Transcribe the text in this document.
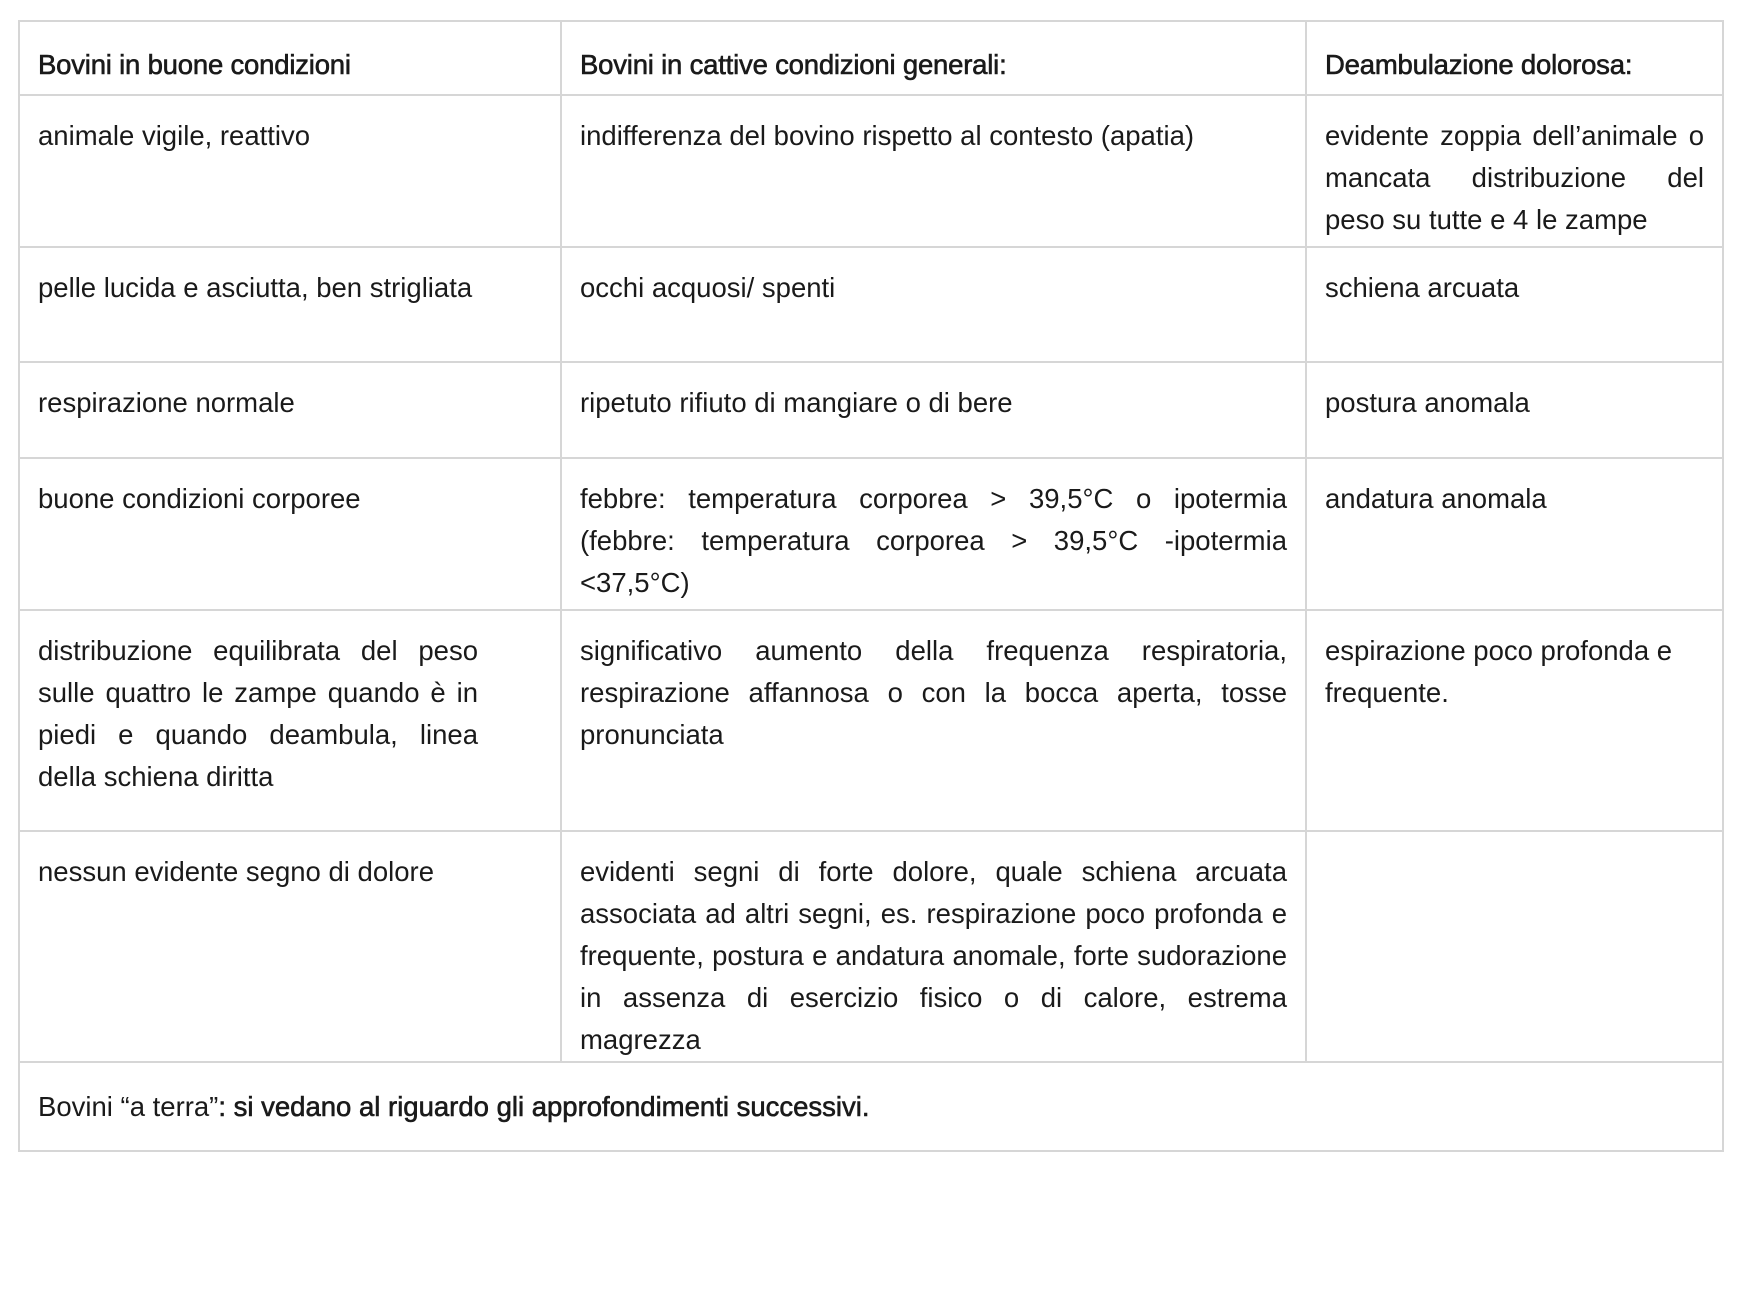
Bovini in buone condizioni	Bovini in cattive condizioni generali:	Deambulazione dolorosa:
animale vigile, reattivo	indifferenza del bovino rispetto al contesto (apatia)	evidente zoppia dell’animale o mancata distribuzione del peso su tutte e 4 le zampe

pelle lucida e asciutta, ben strigliata	occhi acquosi/ spenti	schiena arcuata
respirazione normale	ripetuto rifiuto di mangiare o di bere	postura anomala
buone condizioni corporee	febbre: temperatura corporea > 39,5°C o ipotermia (febbre: temperatura corporea > 39,5°C -ipotermia <37,5°C)	andatura anomala

distribuzione equilibrata del peso sulle quattro le zampe quando è in piedi e quando deambula, linea della schiena diritta	significativo aumento della frequenza respiratoria, respirazione affannosa o con la bocca aperta, tosse pronunciata	espirazione poco profonda e frequente.
nessun evidente segno di dolore	evidenti segni di forte dolore, quale schiena arcuata associata ad altri segni, es. respirazione poco profonda e frequente, postura e andatura anomale, forte sudorazione in assenza di esercizio fisico o di calore, estrema magrezza	
Bovini “a terra”: si vedano al riguardo gli approfondimenti successivi.		
